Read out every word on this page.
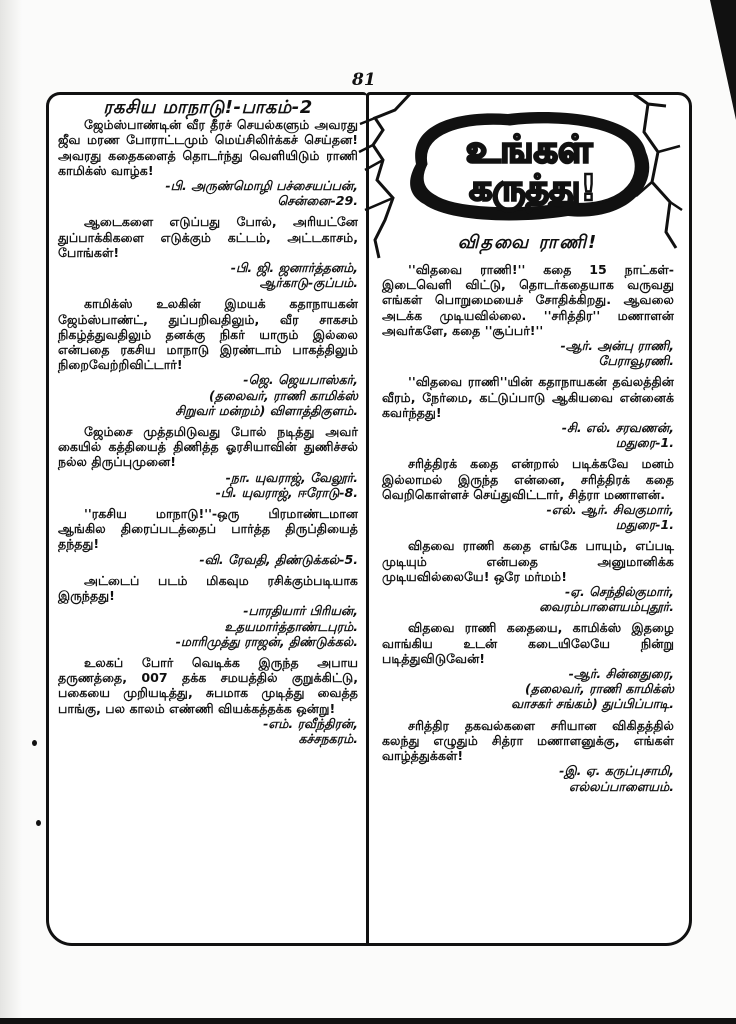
81
உங்கள்
கருத்து!
விதவை ராணி!
ரகசிய மாநாடு!-பாகம்-2

ஜேம்ஸ்பாண்டின் வீர தீரச் செயல்களும் அவரது ஜீவ மரண போராட்டமும் மெய்சிலிர்க்கச் செய்தன! அவரது கதைகளைத் தொடர்ந்து வெளியிடும் ராணி காமிக்ஸ் வாழ்க!

-பி. அருண்மொழி பச்சையப்பன்,

சென்னை-29.

ஆடைகளை எடுப்பது போல், அரியட்னே துப்பாக்கிகளை எடுக்கும் கட்டம், அட்டகாசம், போங்கள்!

-பி. ஜி. ஜனார்த்தனம்,

ஆர்காடு-குப்பம்.

காமிக்ஸ் உலகின் இமயக் கதாநாயகன் ஜேம்ஸ்பாண்ட், துப்பறிவதிலும், வீர சாகசம் நிகழ்த்துவதிலும் தனக்கு நிகர் யாரும் இல்லை என்பதை ரகசிய மாநாடு இரண்டாம் பாகத்திலும் நிறைவேற்றிவிட்டார்!

-ஜெ. ஜெயபாஸ்கர்,

(தலைவர், ராணி காமிக்ஸ்

சிறுவர் மன்றம்) விளாத்திகுளம்.

ஜேம்சை முத்தமிடுவது போல் நடித்து அவர் கையில் கத்தியைத் திணித்த ஓரசியாவின் துணிச்சல் நல்ல திருப்புமுனை!

-நா. யுவராஜ், வேலூர்.

-பி. யுவராஜ், ஈரோடு-8.

''ரகசிய மாநாடு!''-ஒரு பிரமாண்டமான ஆங்கில திரைப்படத்தைப் பார்த்த திருப்தியைத் தந்தது!

-வி. ரேவதி, திண்டுக்கல்-5.

அட்டைப் படம் மிகவும ரசிக்கும்படியாக இருந்தது!

-பாரதியார் பிரியன்,

உதயமார்த்தாண்டபுரம்.

-மாரிமுத்து ராஜன், திண்டுக்கல்.

உலகப் போர் வெடிக்க இருந்த அபாய தருணத்தை, 007 தக்க சமயத்தில் குறுக்கிட்டு, பகையை முறியடித்து, சுபமாக முடித்து வைத்த பாங்கு, பல காலம் எண்ணி வியக்கத்தக்க ஒன்று!

-எம். ரவீந்திரன்,

கச்சநகரம்.

''விதவை ராணி!'' கதை 15 நாட்கள்-இடைவெளி விட்டு, தொடர்கதையாக வருவது எங்கள் பொறுமையைச் சோதிக்கிறது. ஆவலை அடக்க முடியவில்லை. ''சரித்திர'' மணாளன் அவர்களே, கதை ''சூப்பர்!''

-ஆர். அன்பு ராணி,

பேராவூரணி.

''விதவை ராணி''யின் கதாநாயகன் தவ்லத்தின் வீரம், நேர்மை, கட்டுப்பாடு ஆகியவை என்னைக் கவர்ந்தது!

-சி. எல். சரவணன்,

மதுரை-1.

சரித்திரக் கதை என்றால் படிக்கவே மனம் இல்லாமல் இருந்த என்னை, சரித்திரக் கதை வெறிகொள்ளச் செய்துவிட்டார், சித்ரா மணாளன்.

-எல். ஆர். சிவகுமார்,

மதுரை-1.

விதவை ராணி கதை எங்கே பாயும், எப்படி முடியும் என்பதை அனுமானிக்க முடியவில்லையே! ஒரே மர்மம்!

-ஏ. செந்தில்குமார்,

வைரம்பாளையம்புதூர்.

விதவை ராணி கதையை, காமிக்ஸ் இதழை வாங்கிய உடன் கடையிலேயே நின்று படித்துவிடுவேன்!

-ஆர். சின்னதுரை,

(தலைவர், ராணி காமிக்ஸ்

வாசகர் சங்கம்) துப்பிப்பாடி.

சரித்திர தகவல்களை சரியான விகிதத்தில் கலந்து எழுதும் சித்ரா மணாளனுக்கு, எங்கள் வாழ்த்துக்கள்!

-இ. ஏ. கருப்புசாமி,

எல்லப்பாளையம்.
